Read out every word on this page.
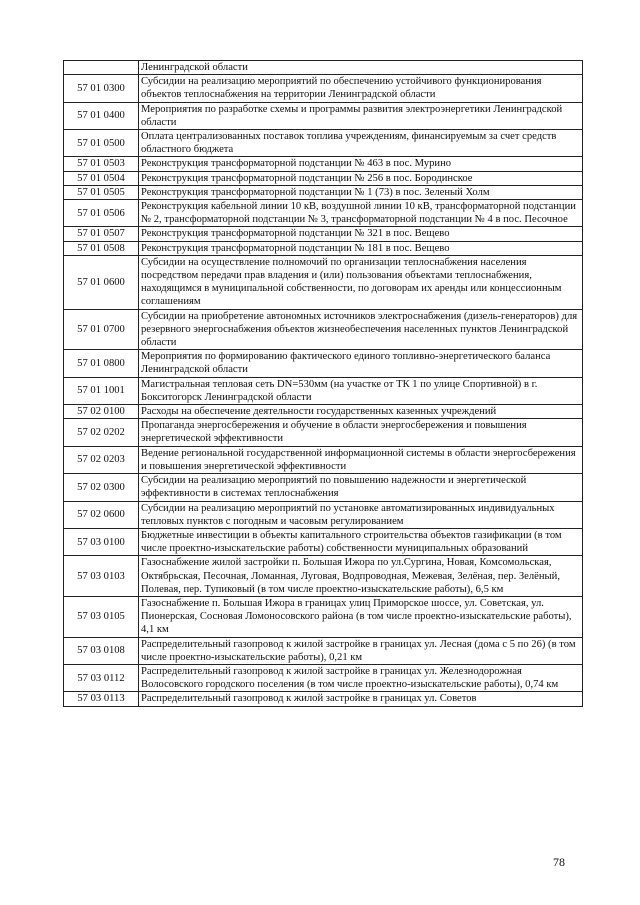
	Ленинградской области
57 01 0300	Субсидии на реализацию мероприятий по обеспечению устойчивого функционирования объектов теплоснабжения на территории Ленинградской области
57 01 0400	Мероприятия по разработке схемы и программы развития электроэнергетики Ленинградской области
57 01 0500	Оплата централизованных поставок топлива учреждениям, финансируемым за счет средств областного бюджета
57 01 0503	Реконструкция трансформаторной подстанции № 463 в пос. Мурино
57 01 0504	Реконструкция трансформаторной подстанции № 256 в пос. Бородинское
57 01 0505	Реконструкция трансформаторной подстанции № 1 (73) в пос. Зеленый Холм
57 01 0506	Реконструкция кабельной линии 10 кВ, воздушной линии 10 кВ, трансформаторной подстанции № 2, трансформаторной подстанции № 3, трансформаторной подстанции № 4 в пос. Песочное
57 01 0507	Реконструкция трансформаторной подстанции № 321 в пос. Вещево
57 01 0508	Реконструкция трансформаторной подстанции № 181 в пос. Вещево
57 01 0600	Субсидии на осуществление полномочий по организации теплоснабжения населения посредством передачи прав владения и (или) пользования объектами теплоснабжения, находящимся в муниципальной собственности, по договорам их аренды или концессионным соглашениям
57 01 0700	Субсидии на приобретение автономных источников электроснабжения (дизель-генераторов) для резервного энергоснабжения объектов жизнеобеспечения населенных пунктов Ленинградской области
57 01 0800	Мероприятия по формированию фактического единого топливно-энергетического баланса Ленинградской области
57 01 1001	Магистральная тепловая сеть DN=530мм (на участке от ТК 1 по улице Спортивной) в г. Бокситогорск Ленинградской области
57 02 0100	Расходы на обеспечение деятельности государственных казенных учреждений
57 02 0202	Пропаганда энергосбережения и обучение в области энергосбережения и повышения энергетической эффективности
57 02 0203	Ведение региональной государственной информационной системы в области энергосбережения и повышения энергетической эффективности
57 02 0300	Субсидии на реализацию мероприятий по повышению надежности и энергетической эффективности в системах теплоснабжения
57 02 0600	Субсидии на реализацию мероприятий по установке автоматизированных индивидуальных тепловых пунктов с погодным и часовым регулированием
57 03 0100	Бюджетные инвестиции в объекты капитального строительства объектов газификации (в том числе проектно-изыскательские работы) собственности муниципальных образований
57 03 0103	Газоснабжение жилой застройки п. Большая Ижора по ул.Сургина, Новая, Комсомольская, Октябрьская, Песочная, Ломанная, Луговая, Водпроводная, Межевая, Зелёная, пер. Зелёный, Полевая, пер. Тупиковый (в том числе проектно-изыскательские работы), 6,5 км
57 03 0105	Газоснабжение п. Большая Ижора в границах улиц Приморское шоссе, ул. Советская, ул. Пионерская, Сосновая Ломоносовского района (в том числе проектно-изыскательские работы), 4,1 км
57 03 0108	Распределительный газопровод к жилой застройке в границах ул. Лесная (дома с 5 по 26) (в том числе проектно-изыскательские работы), 0,21 км
57 03 0112	Распределительный газопровод к жилой застройке в границах ул. Железнодорожная Волосовского городского поселения (в том числе проектно-изыскательские работы), 0,74 км
57 03 0113	Распределительный газопровод к жилой застройке в границах ул. Советов
78
